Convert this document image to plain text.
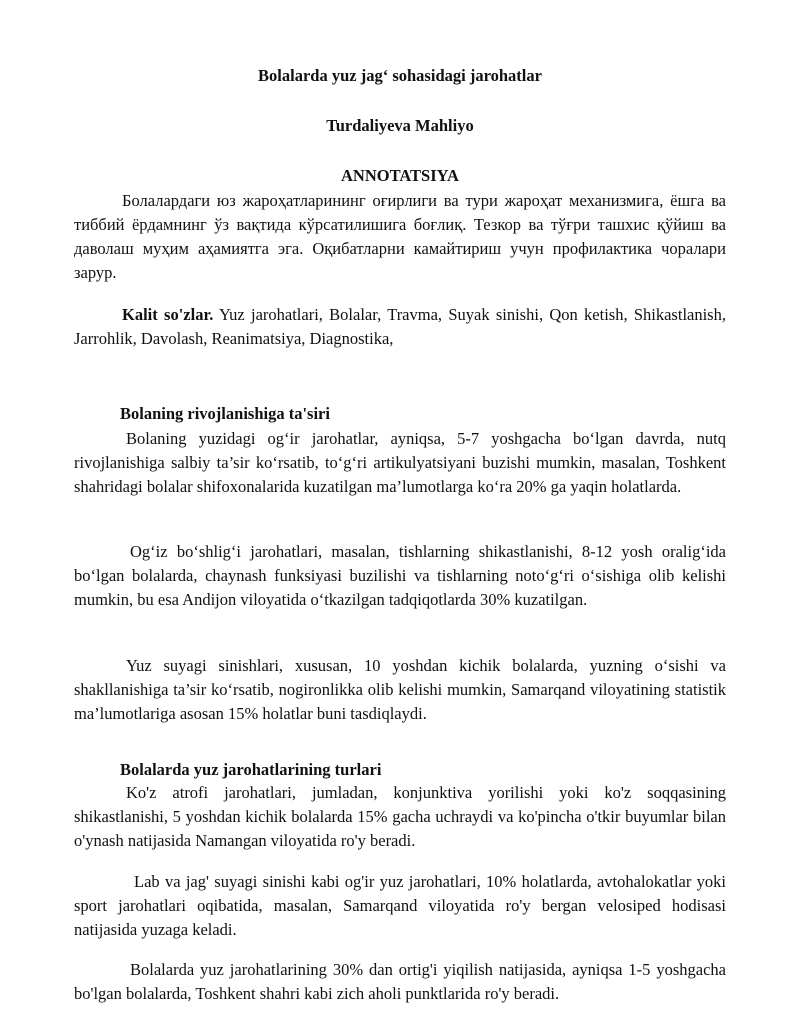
Bolalarda yuz jag‘ sohasidagi jarohatlar
Turdaliyeva Mahliyo
ANNOTATSIYA

Болалардаги юз жароҳатларининг оғирлиги ва тури жароҳат механизмига, ёшга ва тиббий ёрдамнинг ўз вақтида кўрсатилишига боғлиқ. Тезкор ва тўғри ташхис қўйиш ва даволаш муҳим аҳамиятга эга. Оқибатларни камайтириш учун профилактика чоралари зарур.

Kalit so'zlar. Yuz jarohatlari, Bolalar, Travma, Suyak sinishi, Qon ketish, Shikastlanish, Jarrohlik, Davolash, Reanimatsiya, Diagnostika,

Bolaning rivojlanishiga ta'siri

Bolaning yuzidagi og‘ir jarohatlar, ayniqsa, 5-7 yoshgacha bo‘lgan davrda, nutq rivojlanishiga salbiy ta’sir ko‘rsatib, to‘g‘ri artikulyatsiyani buzishi mumkin, masalan, Toshkent shahridagi bolalar shifoxonalarida kuzatilgan ma’lumotlarga ko‘ra 20% ga yaqin holatlarda.

Og‘iz bo‘shlig‘i jarohatlari, masalan, tishlarning shikastlanishi, 8-12 yosh oralig‘ida bo‘lgan bolalarda, chaynash funksiyasi buzilishi va tishlarning noto‘g‘ri o‘sishiga olib kelishi mumkin, bu esa Andijon viloyatida o‘tkazilgan tadqiqotlarda 30% kuzatilgan.

Yuz suyagi sinishlari, xususan, 10 yoshdan kichik bolalarda, yuzning o‘sishi va shakllanishiga ta’sir ko‘rsatib, nogironlikka olib kelishi mumkin, Samarqand viloyatining statistik ma’lumotlariga asosan 15% holatlar buni tasdiqlaydi.

Bolalarda yuz jarohatlarining turlari

Ko'z atrofi jarohatlari, jumladan, konjunktiva yorilishi yoki ko'z soqqasining shikastlanishi, 5 yoshdan kichik bolalarda 15% gacha uchraydi va ko'pincha o'tkir buyumlar bilan o'ynash natijasida Namangan viloyatida ro'y beradi.

Lab va jag' suyagi sinishi kabi og'ir yuz jarohatlari, 10% holatlarda, avtohalokatlar yoki sport jarohatlari oqibatida, masalan, Samarqand viloyatida ro'y bergan velosiped hodisasi natijasida yuzaga keladi.

Bolalarda yuz jarohatlarining 30% dan ortig'i yiqilish natijasida, ayniqsa 1-5 yoshgacha bo'lgan bolalarda, Toshkent shahri kabi zich aholi punktlarida ro'y beradi.
